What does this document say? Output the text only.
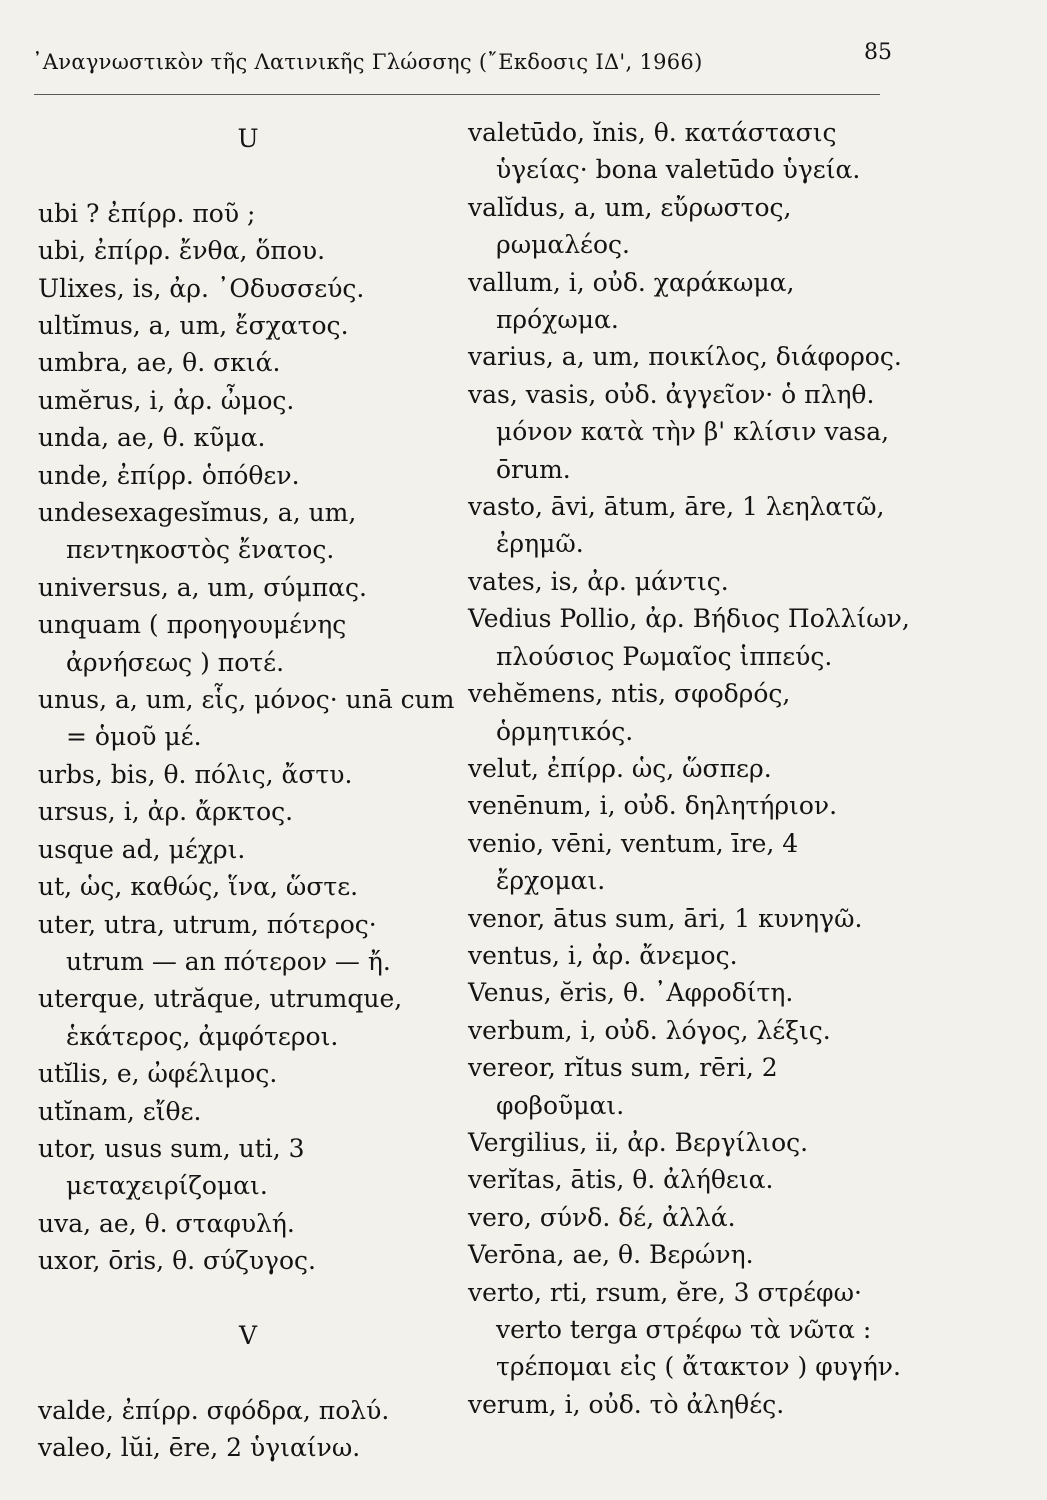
᾿Αναγνωστικὸν τῆς Λατινικῆς Γλώσσης (῎Εκδοσις ΙΔ', 1966)	85
U
ubi ? ἐπίρρ. ποῦ ;
ubi, ἐπίρρ. ἔνθα, ὅπου.
Ulixes, is, ἀρ. ᾿Οδυσσεύς.
ultĭmus, a, um, ἔσχατος.
umbra, ae, θ. σκιά.
umĕrus, i, ἀρ. ὦμος.
unda, ae, θ. κῦμα.
unde, ἐπίρρ. ὁπόθεν.
undesexagesĭmus, a, um, πεντηκοστὸς ἔνατος.
universus, a, um, σύμπας.
unquam ( προηγουμένης ἀρνήσεως ) ποτέ.
unus, a, um, εἷς, μόνος· unā cum = ὁμοῦ μέ.
urbs, bis, θ. πόλις, ἄστυ.
ursus, i, ἀρ. ἄρκτος.
usque ad, μέχρι.
ut, ὡς, καθώς, ἵνα, ὥστε.
uter, utra, utrum, πότερος· utrum — an πότερον — ἤ.
uterque, utrăque, utrumque, ἑκάτερος, ἀμφότεροι.
utĭlis, e, ὠφέλιμος.
utĭnam, εἴθε.
utor, usus sum, uti, 3 μεταχειρίζομαι.
uva, ae, θ. σταφυλή.
uxor, ōris, θ. σύζυγος.
V
valde, ἐπίρρ. σφόδρα, πολύ.
valeo, lŭi, ēre, 2 ὑγιαίνω.
valetūdo, ĭnis, θ. κατάστασις ὑγείας· bona valetūdo ὑγεία.
valĭdus, a, um, εὔρωστος, ρωμαλέος.
vallum, i, οὐδ. χαράκωμα, πρόχωμα.
varius, a, um, ποικίλος, διάφορος.
vas, vasis, οὐδ. ἀγγεῖον· ὁ πληθ. μόνον κατὰ τὴν β' κλίσιν vasa, ōrum.
vasto, āvi, ātum, āre, 1 λεηλατῶ, ἐρημῶ.
vates, is, ἀρ. μάντις.
Vedius Pollio, ἀρ. Βήδιος Πολλίων, πλούσιος Ρωμαῖος ἱππεύς.
vehĕmens, ntis, σφοδρός, ὁρμητικός.
velut, ἐπίρρ. ὡς, ὥσπερ.
venēnum, i, οὐδ. δηλητήριον.
venio, vēni, ventum, īre, 4 ἔρχομαι.
venor, ātus sum, āri, 1 κυνηγῶ.
ventus, i, ἀρ. ἄνεμος.
Venus, ĕris, θ. ᾿Αφροδίτη.
verbum, i, οὐδ. λόγος, λέξις.
vereor, rĭtus sum, rēri, 2 φοβοῦμαι.
Vergilius, ii, ἀρ. Βεργίλιος.
verĭtas, ātis, θ. ἀλήθεια.
vero, σύνδ. δέ, ἀλλά.
Verōna, ae, θ. Βερώνη.
verto, rti, rsum, ĕre, 3 στρέφω· verto terga στρέφω τὰ νῶτα : τρέπομαι εἰς ( ἄτακτον ) φυγήν.
verum, i, οὐδ. τὸ ἀληθές.
